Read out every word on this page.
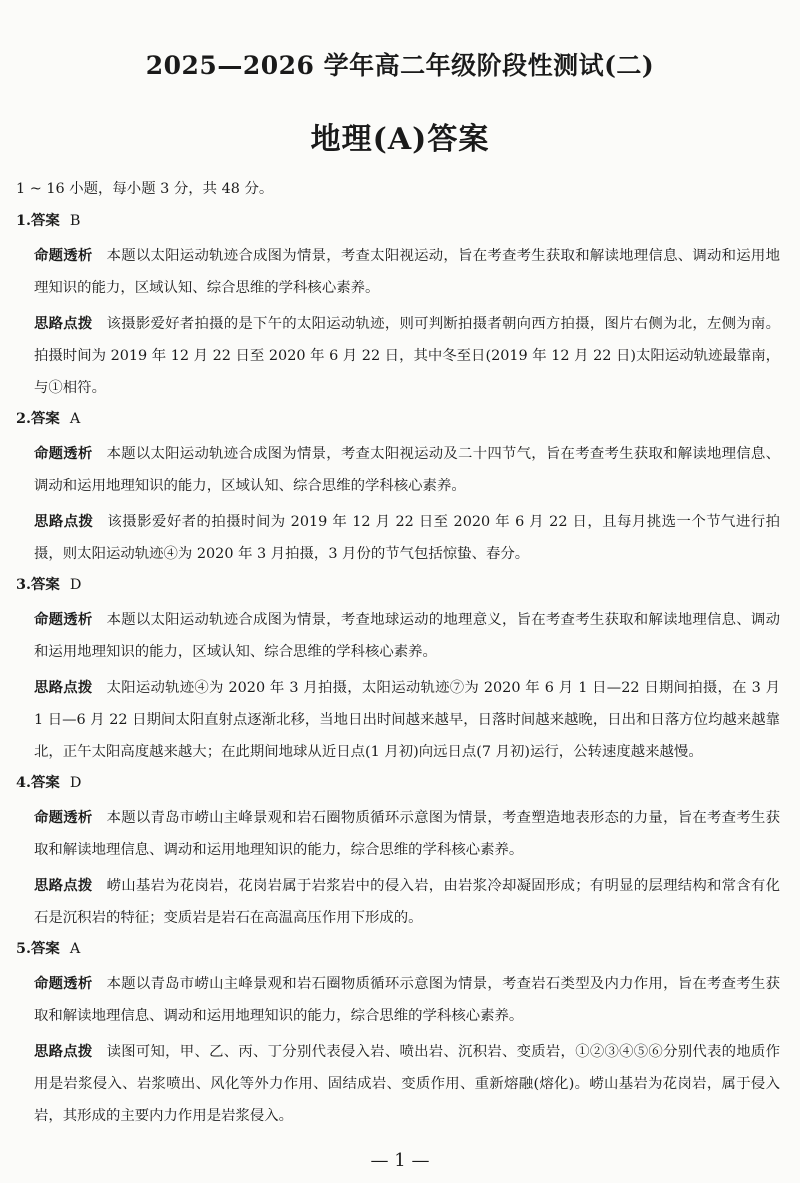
2025—2026 学年高二年级阶段性测试(二)
地理(A)答案
1 ~ 16 小题，每小题 3 分，共 48 分。
1.答案 B
命题透析 本题以太阳运动轨迹合成图为情景，考查太阳视运动，旨在考查考生获取和解读地理信息、调动和运用地理知识的能力，区域认知、综合思维的学科核心素养。
思路点拨 该摄影爱好者拍摄的是下午的太阳运动轨迹，则可判断拍摄者朝向西方拍摄，图片右侧为北，左侧为南。拍摄时间为 2019 年 12 月 22 日至 2020 年 6 月 22 日，其中冬至日(2019 年 12 月 22 日)太阳运动轨迹最靠南，与①相符。
2.答案 A
命题透析 本题以太阳运动轨迹合成图为情景，考查太阳视运动及二十四节气，旨在考查考生获取和解读地理信息、调动和运用地理知识的能力，区域认知、综合思维的学科核心素养。
思路点拨 该摄影爱好者的拍摄时间为 2019 年 12 月 22 日至 2020 年 6 月 22 日，且每月挑选一个节气进行拍摄，则太阳运动轨迹④为 2020 年 3 月拍摄，3 月份的节气包括惊蛰、春分。
3.答案 D
命题透析 本题以太阳运动轨迹合成图为情景，考查地球运动的地理意义，旨在考查考生获取和解读地理信息、调动和运用地理知识的能力，区域认知、综合思维的学科核心素养。
思路点拨 太阳运动轨迹④为 2020 年 3 月拍摄，太阳运动轨迹⑦为 2020 年 6 月 1 日—22 日期间拍摄，在 3 月 1 日—6 月 22 日期间太阳直射点逐渐北移，当地日出时间越来越早，日落时间越来越晚，日出和日落方位均越来越靠北，正午太阳高度越来越大；在此期间地球从近日点(1 月初)向远日点(7 月初)运行，公转速度越来越慢。
4.答案 D
命题透析 本题以青岛市崂山主峰景观和岩石圈物质循环示意图为情景，考查塑造地表形态的力量，旨在考查考生获取和解读地理信息、调动和运用地理知识的能力，综合思维的学科核心素养。
思路点拨 崂山基岩为花岗岩，花岗岩属于岩浆岩中的侵入岩，由岩浆冷却凝固形成；有明显的层理结构和常含有化石是沉积岩的特征；变质岩是岩石在高温高压作用下形成的。
5.答案 A
命题透析 本题以青岛市崂山主峰景观和岩石圈物质循环示意图为情景，考查岩石类型及内力作用，旨在考查考生获取和解读地理信息、调动和运用地理知识的能力，综合思维的学科核心素养。
思路点拨 读图可知，甲、乙、丙、丁分别代表侵入岩、喷出岩、沉积岩、变质岩，①②③④⑤⑥分别代表的地质作用是岩浆侵入、岩浆喷出、风化等外力作用、固结成岩、变质作用、重新熔融(熔化)。崂山基岩为花岗岩，属于侵入岩，其形成的主要内力作用是岩浆侵入。
— 1 —
